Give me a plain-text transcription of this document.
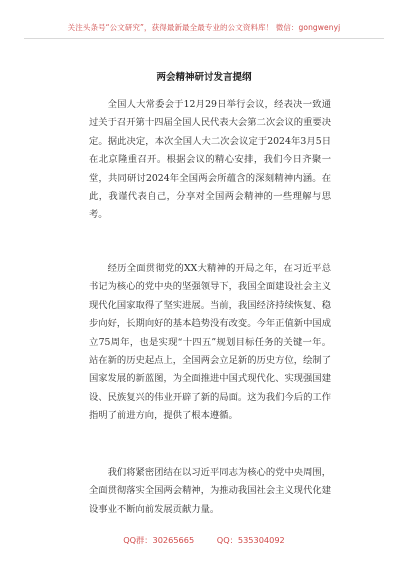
关注头条号“公文研究”，获得最新最全最专业的公文资料库！ 微信：gongwenyj
两会精神研讨发言提纲

全国人大常委会于12月29日举行会议，经表决一致通过关于召开第十四届全国人民代表大会第二次会议的重要决定。据此决定，本次全国人大二次会议定于2024年3月5日在北京隆重召开。根据会议的精心安排，我们今日齐聚一堂，共同研讨2024年全国两会所蕴含的深刻精神内涵。在此，我谨代表自己，分享对全国两会精神的一些理解与思考。

经历全面贯彻党的XX大精神的开局之年，在习近平总书记为核心的党中央的坚强领导下，我国全面建设社会主义现代化国家取得了坚实进展。当前，我国经济持续恢复、稳步向好，长期向好的基本趋势没有改变。今年正值新中国成立75周年，也是实现“十四五”规划目标任务的关键一年。站在新的历史起点上，全国两会立足新的历史方位，绘制了国家发展的新蓝图，为全面推进中国式现代化、实现强国建设、民族复兴的伟业开辟了新的局面。这为我们今后的工作指明了前进方向，提供了根本遵循。

我们将紧密团结在以习近平同志为核心的党中央周围，全面贯彻落实全国两会精神，为推动我国社会主义现代化建设事业不断向前发展贡献力量。

QQ群：30265665	QQ：535304092
